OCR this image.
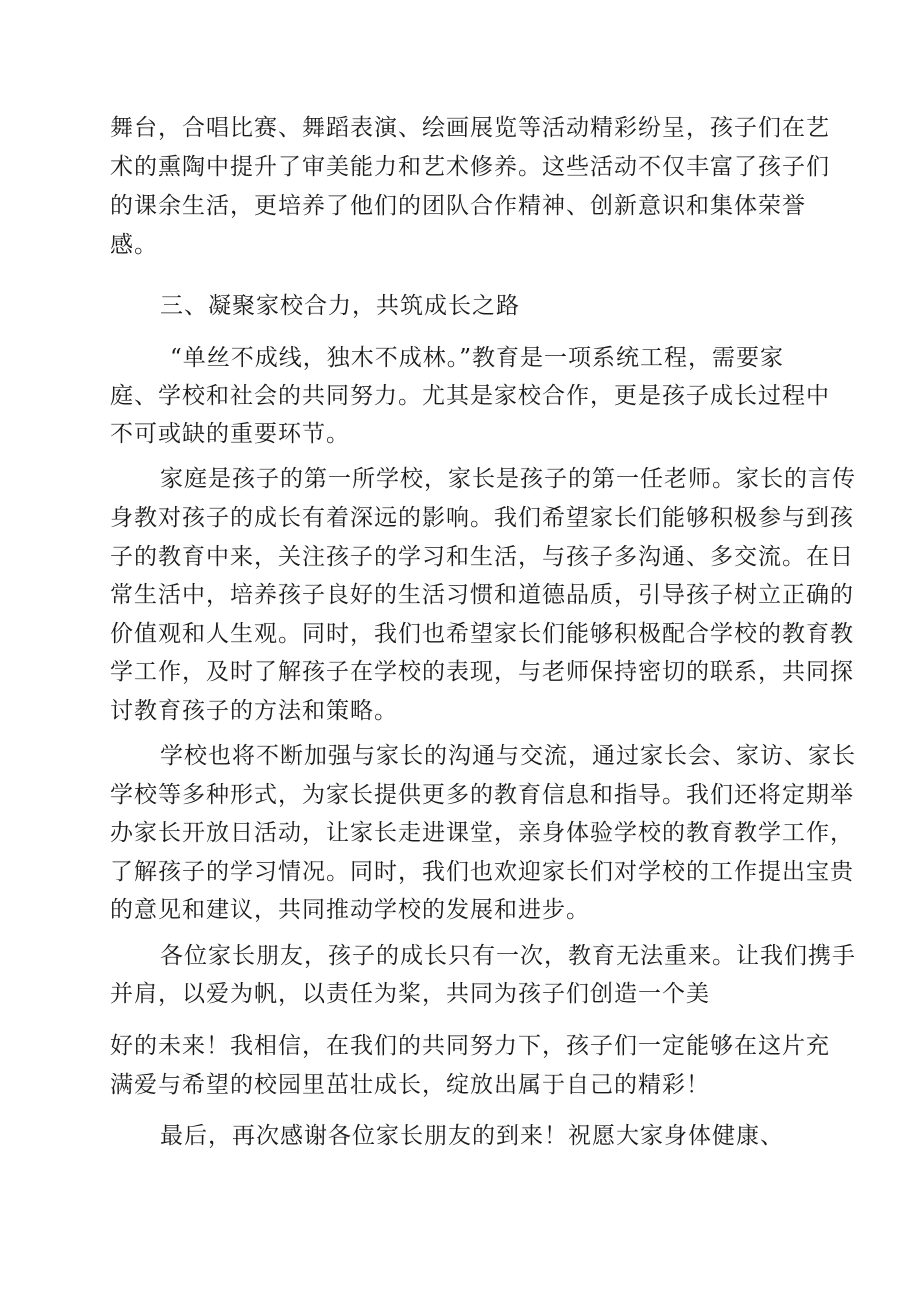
舞台，合唱比赛、舞蹈表演、绘画展览等活动精彩纷呈，孩子们在艺
术的熏陶中提升了审美能力和艺术修养。这些活动不仅丰富了孩子们
的课余生活，更培养了他们的团队合作精神、创新意识和集体荣誉
感。
三、凝聚家校合力，共筑成长之路
“单丝不成线，独木不成林。”教育是一项系统工程，需要家
庭、学校和社会的共同努力。尤其是家校合作，更是孩子成长过程中
不可或缺的重要环节。
家庭是孩子的第一所学校，家长是孩子的第一任老师。家长的言传
身教对孩子的成长有着深远的影响。我们希望家长们能够积极参与到孩
子的教育中来，关注孩子的学习和生活，与孩子多沟通、多交流。在日
常生活中，培养孩子良好的生活习惯和道德品质，引导孩子树立正确的
价值观和人生观。同时，我们也希望家长们能够积极配合学校的教育教
学工作，及时了解孩子在学校的表现，与老师保持密切的联系，共同探
讨教育孩子的方法和策略。
学校也将不断加强与家长的沟通与交流，通过家长会、家访、家长
学校等多种形式，为家长提供更多的教育信息和指导。我们还将定期举
办家长开放日活动，让家长走进课堂，亲身体验学校的教育教学工作，
了解孩子的学习情况。同时，我们也欢迎家长们对学校的工作提出宝贵
的意见和建议，共同推动学校的发展和进步。
各位家长朋友，孩子的成长只有一次，教育无法重来。让我们携手
并肩，以爱为帆，以责任为桨，共同为孩子们创造一个美
好的未来！我相信，在我们的共同努力下，孩子们一定能够在这片充
满爱与希望的校园里茁壮成长，绽放出属于自己的精彩！
最后，再次感谢各位家长朋友的到来！祝愿大家身体健康、
